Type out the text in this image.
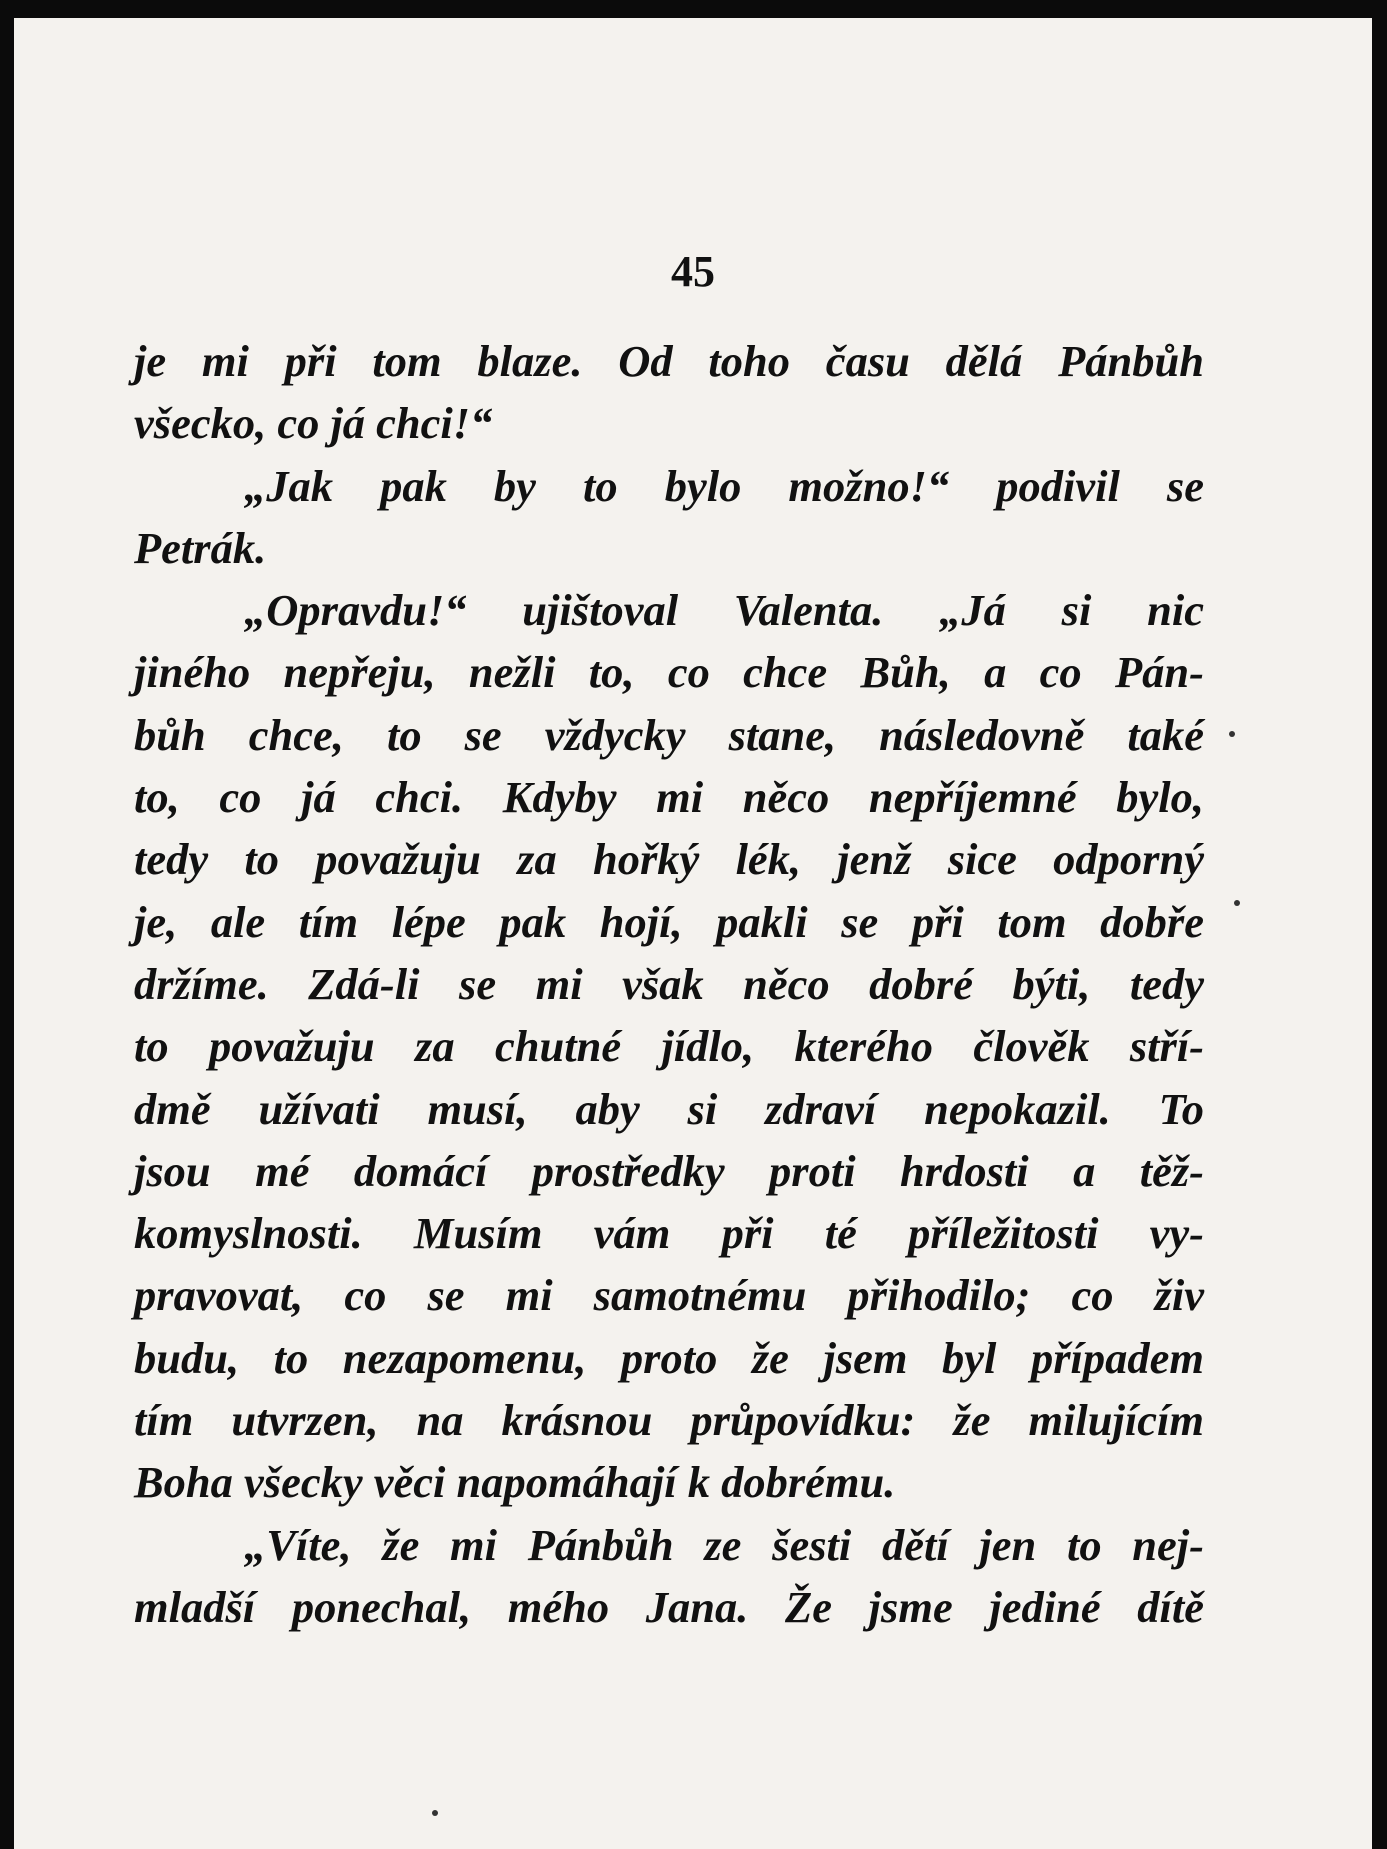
45
je mi při tom blaze. Od toho času dělá Pánbůh
všecko, co já chci!“
„Jak pak by to bylo možno!“ podivil se
Petrák.
„Opravdu!“ ujištoval Valenta. „Já si nic
jiného nepřeju, nežli to, co chce Bůh, a co Pán-
bůh chce, to se vždycky stane, následovně také
to, co já chci. Kdyby mi něco nepříjemné bylo,
tedy to považuju za hořký lék, jenž sice odporný
je, ale tím lépe pak hojí, pakli se při tom dobře
držíme. Zdá-li se mi však něco dobré býti, tedy
to považuju za chutné jídlo, kterého člověk stří-
dmě užívati musí, aby si zdraví nepokazil. To
jsou mé domácí prostředky proti hrdosti a těž-
komyslnosti. Musím vám při té příležitosti vy-
pravovat, co se mi samotnému přihodilo; co živ
budu, to nezapomenu, proto že jsem byl případem
tím utvrzen, na krásnou průpovídku: že milujícím
Boha všecky věci napomáhají k dobrému.
„Víte, že mi Pánbůh ze šesti dětí jen to nej-
mladší ponechal, mého Jana. Že jsme jediné dítě
